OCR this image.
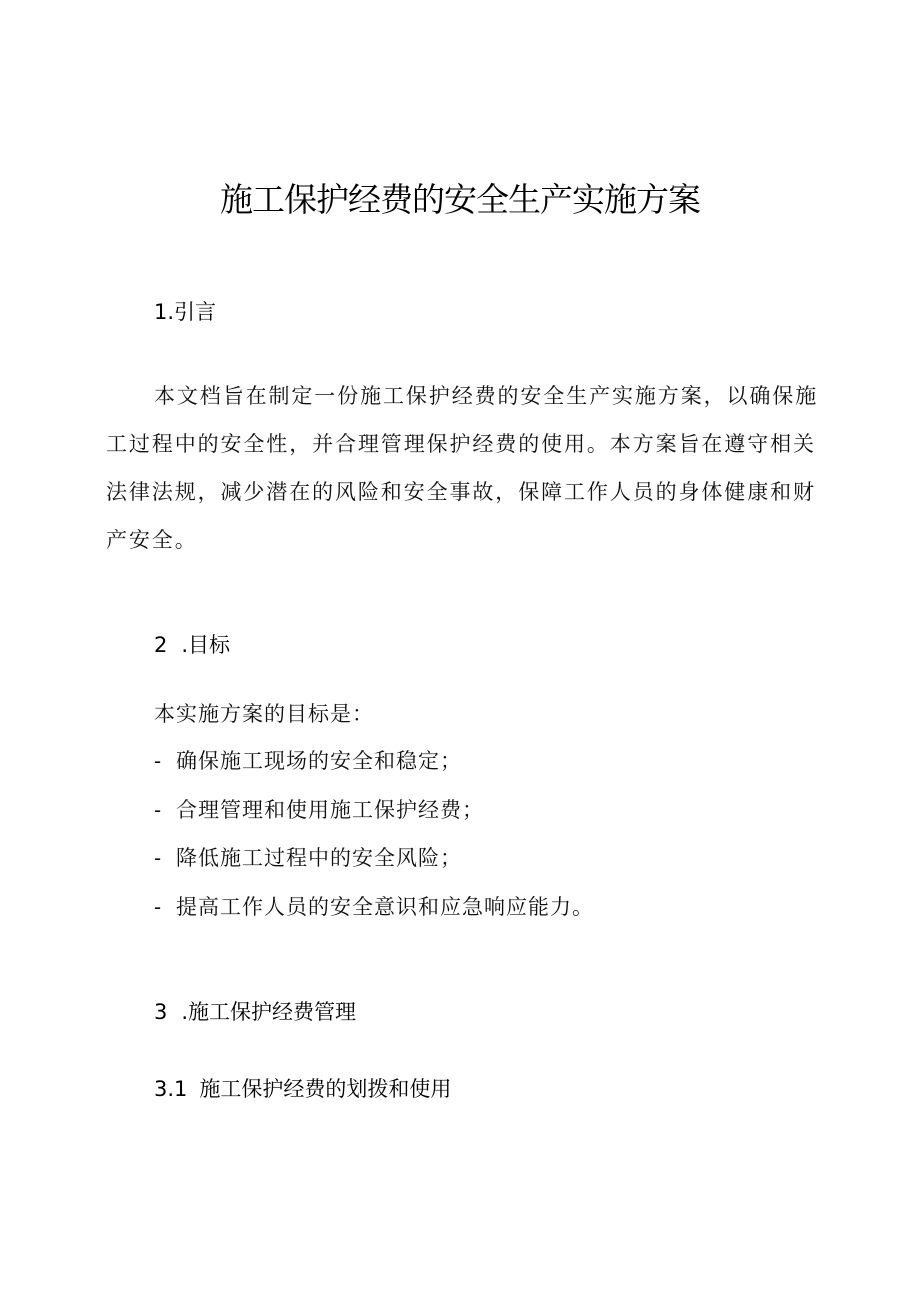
施工保护经费的安全生产实施方案
1.引言

本文档旨在制定一份施工保护经费的安全生产实施方案，以确保施工过程中的安全性，并合理管理保护经费的使用。本方案旨在遵守相关法律法规，减少潜在的风险和安全事故，保障工作人员的身体健康和财产安全。

2 .目标
本实施方案的目标是：
- 确保施工现场的安全和稳定；
- 合理管理和使用施工保护经费；
- 降低施工过程中的安全风险；
- 提高工作人员的安全意识和应急响应能力。
3 .施工保护经费管理
3.1 施工保护经费的划拨和使用
